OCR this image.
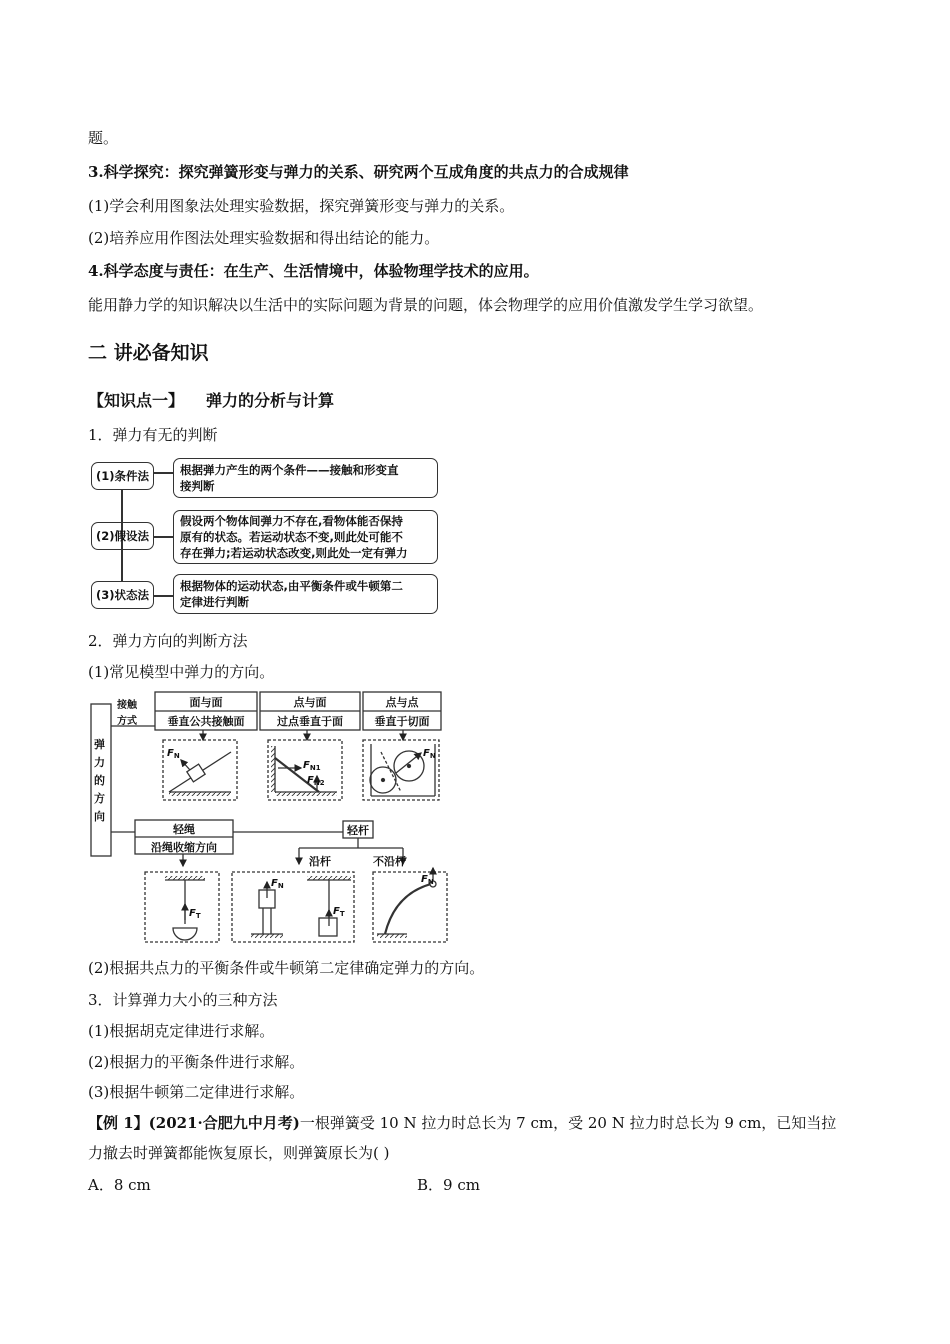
题。
3.科学探究：探究弹簧形变与弹力的关系、研究两个互成角度的共点力的合成规律
(1)学会利用图象法处理实验数据，探究弹簧形变与弹力的关系。
(2)培养应用作图法处理实验数据和得出结论的能力。
4.科学态度与责任：在生产、生活情境中，体验物理学技术的应用。
能用静力学的知识解决以生活中的实际问题为背景的问题，体会物理学的应用价值激发学生学习欲望。
二 讲必备知识
【知识点一】 弹力的分析与计算
1．弹力有无的判断
(1)条件法	根据弹力产生的两个条件——接触和形变直
接判断
(2)假设法
假设两个物体间弹力不存在,看物体能否保持
原有的状态。若运动状态不变,则此处可能不
存在弹力;若运动状态改变,则此处一定有弹力
(3)状态法
根据物体的运动状态,由平衡条件或牛顿第二
定律进行判断
2．弹力方向的判断方法
(1)常见模型中弹力的方向。
弹
力
的
方
向
接触
方式
面与面
垂直公共接触面
点与面
过点垂直于面
点与点
垂直于切面
轻绳
沿绳收缩方向
轻杆
沿杆	不沿杆
$F_N$
$F_{N1}$
$F_{N2}$
$F_N$
$F_T$
$F_N$
$F_T$
$F_N$
(2)根据共点力的平衡条件或牛顿第二定律确定弹力的方向。
3．计算弹力大小的三种方法
(1)根据胡克定律进行求解。
(2)根据力的平衡条件进行求解。
(3)根据牛顿第二定律进行求解。
【例 1】(2021·合肥九中月考)一根弹簧受 10 N 拉力时总长为 7 cm，受 20 N 拉力时总长为 9 cm，已知当拉
力撤去时弹簧都能恢复原长，则弹簧原长为( )
A．8 cm	B．9 cm
